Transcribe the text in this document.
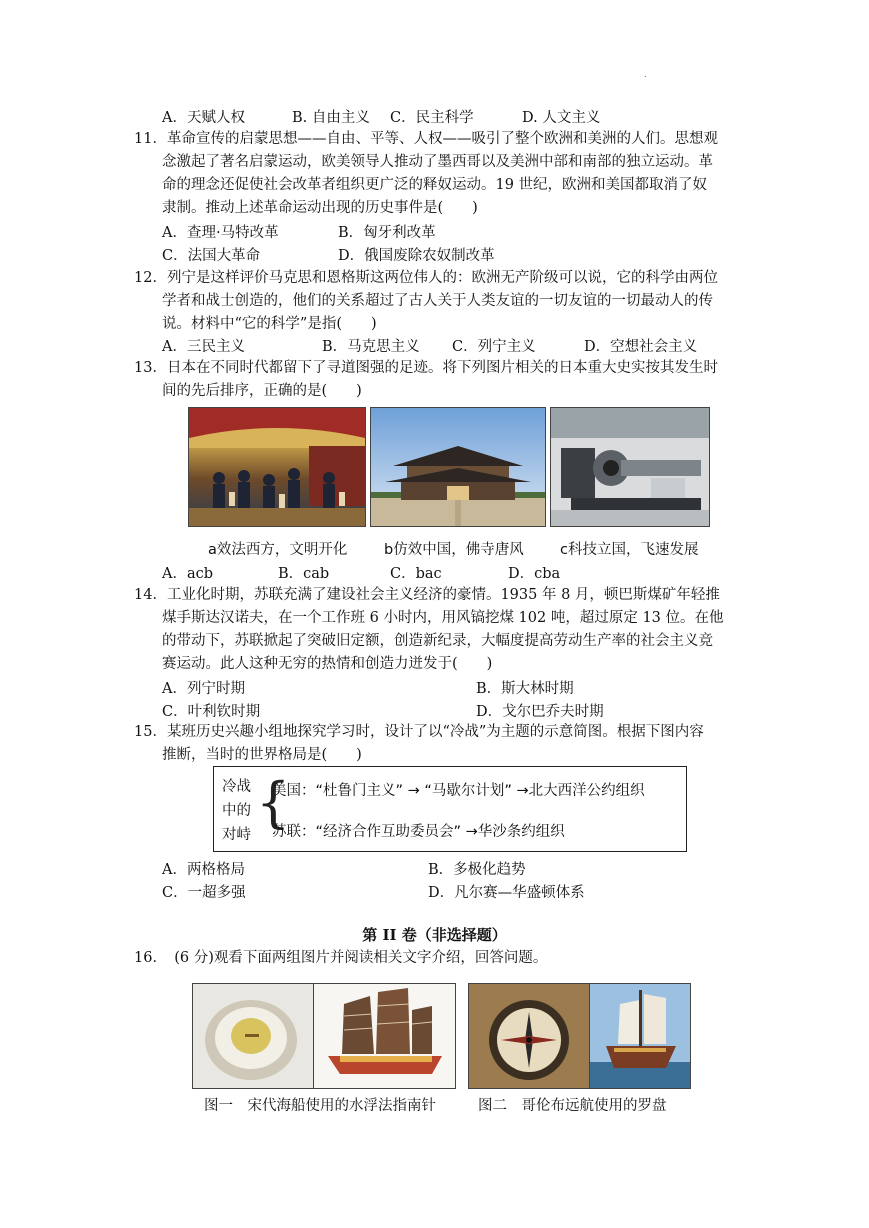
.
A．天赋人权	B. 自由主义 C．民主科学	D. 人文主义
11．革命宣传的启蒙思想——自由、平等、人权——吸引了整个欧洲和美洲的人们。思想观
念激起了著名启蒙运动，欧美领导人推动了墨西哥以及美洲中部和南部的独立运动。革
命的理念还促使社会改革者组织更广泛的释奴运动。19 世纪，欧洲和美国都取消了奴
隶制。推动上述革命运动出现的历史事件是(　　)
A．查理·马特改革	B．匈牙利改革
C．法国大革命	D．俄国废除农奴制改革
12．列宁是这样评价马克思和恩格斯这两位伟人的：欧洲无产阶级可以说，它的科学由两位
学者和战士创造的，他们的关系超过了古人关于人类友谊的一切友谊的一切最动人的传
说。材料中“它的科学”是指(　　)
A．三民主义	B．马克思主义 C．列宁主义	D．空想社会主义
13．日本在不同时代都留下了寻道图强的足迹。将下列图片相关的日本重大史实按其发生时
间的先后排序，正确的是(　　)
a效法西方，文明开化	b仿效中国，佛寺唐风	c科技立国，飞速发展
A．acb	B．cab	C．bac	D．cba
14．工业化时期，苏联充满了建设社会主义经济的豪情。1935 年 8 月，顿巴斯煤矿年轻推
煤手斯达汉诺夫，在一个工作班 6 小时内，用风镐挖煤 102 吨，超过原定 13 位。在他
的带动下，苏联掀起了突破旧定额，创造新纪录，大幅度提高劳动生产率的社会主义竞
赛运动。此人这种无穷的热情和创造力迸发于(　　)
A．列宁时期	B．斯大林时期
C．叶利钦时期	D．戈尔巴乔夫时期
15．某班历史兴趣小组地探究学习时，设计了以“冷战”为主题的示意简图。根据下图内容
推断，当时的世界格局是(　　)
冷战
中的
对峙
{
美国：“杜鲁门主义” → “马歇尔计划” →北大西洋公约组织
苏联：“经济合作互助委员会” →华沙条约组织
A．两格格局	B．多极化趋势
C．一超多强	D．凡尔赛—华盛顿体系
第 II 卷（非选择题）
16．　(6 分)观看下面两组图片并阅读相关文字介绍，回答问题。
图一　宋代海船使用的水浮法指南针	图二　哥伦布远航使用的罗盘
